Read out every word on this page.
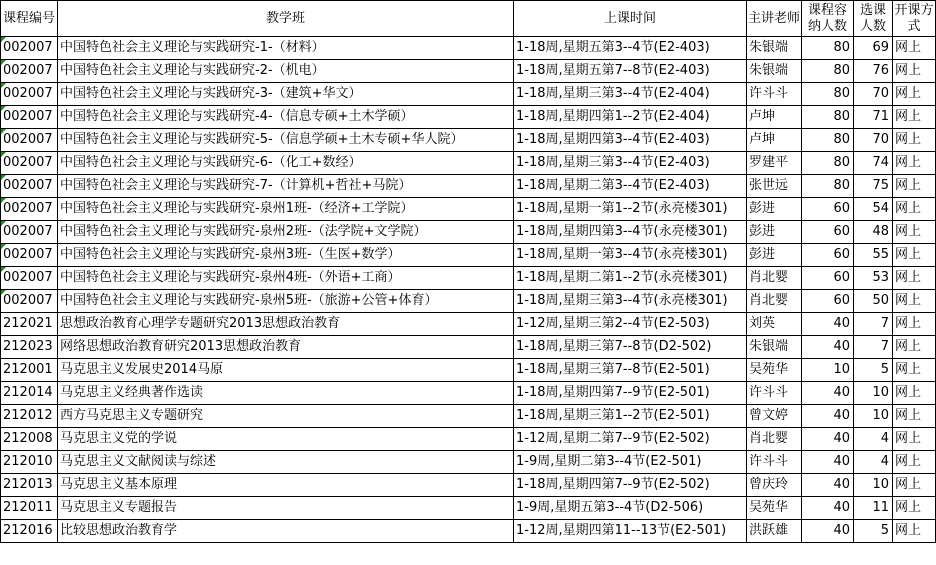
课程编号	教学班	上课时间	主讲老师	课程容纳人数	选课人数	开课方式

002007	中国特色社会主义理论与实践研究-1-（材料）	1-18周,星期五第3--4节(E2-403)	朱银端	80	69	网上

002007	中国特色社会主义理论与实践研究-2-（机电）	1-18周,星期五第7--8节(E2-403)	朱银端	80	76	网上

002007	中国特色社会主义理论与实践研究-3-（建筑+华文）	1-18周,星期三第3--4节(E2-404)	许斗斗	80	70	网上

002007	中国特色社会主义理论与实践研究-4-（信息专硕+土木学硕）	1-18周,星期四第1--2节(E2-404)	卢坤	80	71	网上

002007	中国特色社会主义理论与实践研究-5-（信息学硕+土木专硕+华人院）	1-18周,星期四第3--4节(E2-403)	卢坤	80	70	网上

002007	中国特色社会主义理论与实践研究-6-（化工+数经）	1-18周,星期三第3--4节(E2-403)	罗建平	80	74	网上

002007	中国特色社会主义理论与实践研究-7-（计算机+哲社+马院）	1-18周,星期二第3--4节(E2-403)	张世远	80	75	网上

002007	中国特色社会主义理论与实践研究-泉州1班-（经济+工学院）	1-18周,星期一第1--2节(永亮楼301)	彭进	60	54	网上

002007	中国特色社会主义理论与实践研究-泉州2班-（法学院+文学院）	1-18周,星期四第3--4节(永亮楼301)	彭进	60	48	网上

002007	中国特色社会主义理论与实践研究-泉州3班-（生医+数学）	1-18周,星期一第3--4节(永亮楼301)	彭进	60	55	网上

002007	中国特色社会主义理论与实践研究-泉州4班-（外语+工商）	1-18周,星期二第1--2节(永亮楼301)	肖北婴	60	53	网上

002007	中国特色社会主义理论与实践研究-泉州5班-（旅游+公管+体育）	1-18周,星期三第3--4节(永亮楼301)	肖北婴	60	50	网上
212021	思想政治教育心理学专题研究2013思想政治教育	1-12周,星期三第2--4节(E2-503)	刘英	40	7	网上
212023	网络思想政治教育研究2013思想政治教育	1-18周,星期三第7--8节(D2-502)	朱银端	40	7	网上
212001	马克思主义发展史2014马原	1-18周,星期三第7--8节(E2-501)	吴苑华	10	5	网上
212014	马克思主义经典著作选读	1-18周,星期四第7--9节(E2-501)	许斗斗	40	10	网上
212012	西方马克思主义专题研究	1-18周,星期三第1--2节(E2-501)	曾文婷	40	10	网上
212008	马克思主义党的学说	1-12周,星期二第7--9节(E2-502)	肖北婴	40	4	网上
212010	马克思主义文献阅读与综述	1-9周,星期二第3--4节(E2-501)	许斗斗	40	4	网上
212013	马克思主义基本原理	1-18周,星期四第7--9节(E2-502)	曾庆玲	40	10	网上
212011	马克思主义专题报告	1-9周,星期五第3--4节(D2-506)	吴苑华	40	11	网上
212016	比较思想政治教育学	1-12周,星期四第11--13节(E2-501)	洪跃雄	40	5	网上
